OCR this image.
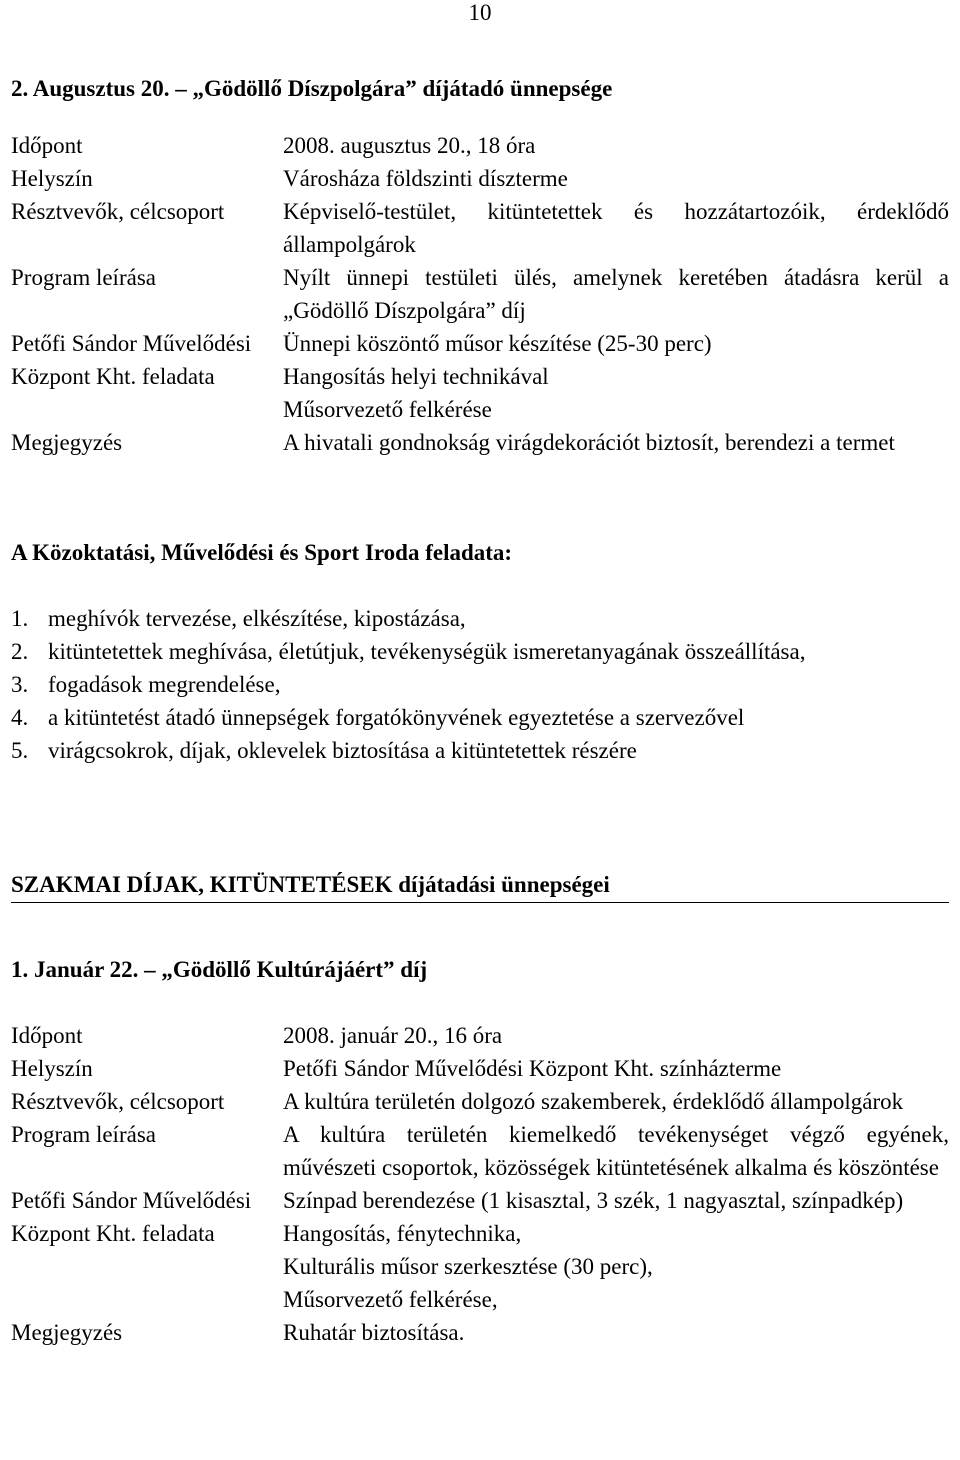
10
2. Augusztus 20. – „Gödöllő Díszpolgára” díjátadó ünnepsége
Időpont	2008. augusztus 20., 18 óra
Helyszín	Városháza földszinti díszterme
Résztvevők, célcsoport	Képviselő-testület, kitüntetettek és hozzátartozóik, érdeklődő állampolgárok
Program leírása	Nyílt ünnepi testületi ülés, amelynek keretében átadásra kerül a „Gödöllő Díszpolgára” díj
Petőfi Sándor Művelődési Központ Kht. feladata	Ünnepi köszöntő műsor készítése (25-30 perc)
Hangosítás helyi technikával
Műsorvezető felkérése

Megjegyzés	A hivatali gondnokság virágdekorációt biztosít, berendezi a termet
A Közoktatási, Művelődési és Sport Iroda feladata:
1. meghívók tervezése, elkészítése, kipostázása,
2. kitüntetettek meghívása, életútjuk, tevékenységük ismeretanyagának összeállítása,
3. fogadások megrendelése,
4. a kitüntetést átadó ünnepségek forgatókönyvének egyeztetése a szervezővel
5. virágcsokrok, díjak, oklevelek biztosítása a kitüntetettek részére
SZAKMAI DÍJAK, KITÜNTETÉSEK díjátadási ünnepségei
1. Január 22. – „Gödöllő Kultúrájáért” díj
Időpont	2008. január 20., 16 óra
Helyszín	Petőfi Sándor Művelődési Központ Kht. színházterme
Résztvevők, célcsoport	A kultúra területén dolgozó szakemberek, érdeklődő állampolgárok
Program leírása	A kultúra területén kiemelkedő tevékenységet végző egyének, művészeti csoportok, közösségek kitüntetésének alkalma és köszöntése
Petőfi Sándor Művelődési Központ Kht. feladata	Színpad berendezése (1 kisasztal, 3 szék, 1 nagyasztal, színpadkép)
Hangosítás, fénytechnika,
Kulturális műsor szerkesztése (30 perc),
Műsorvezető felkérése,

Megjegyzés	Ruhatár biztosítása.
